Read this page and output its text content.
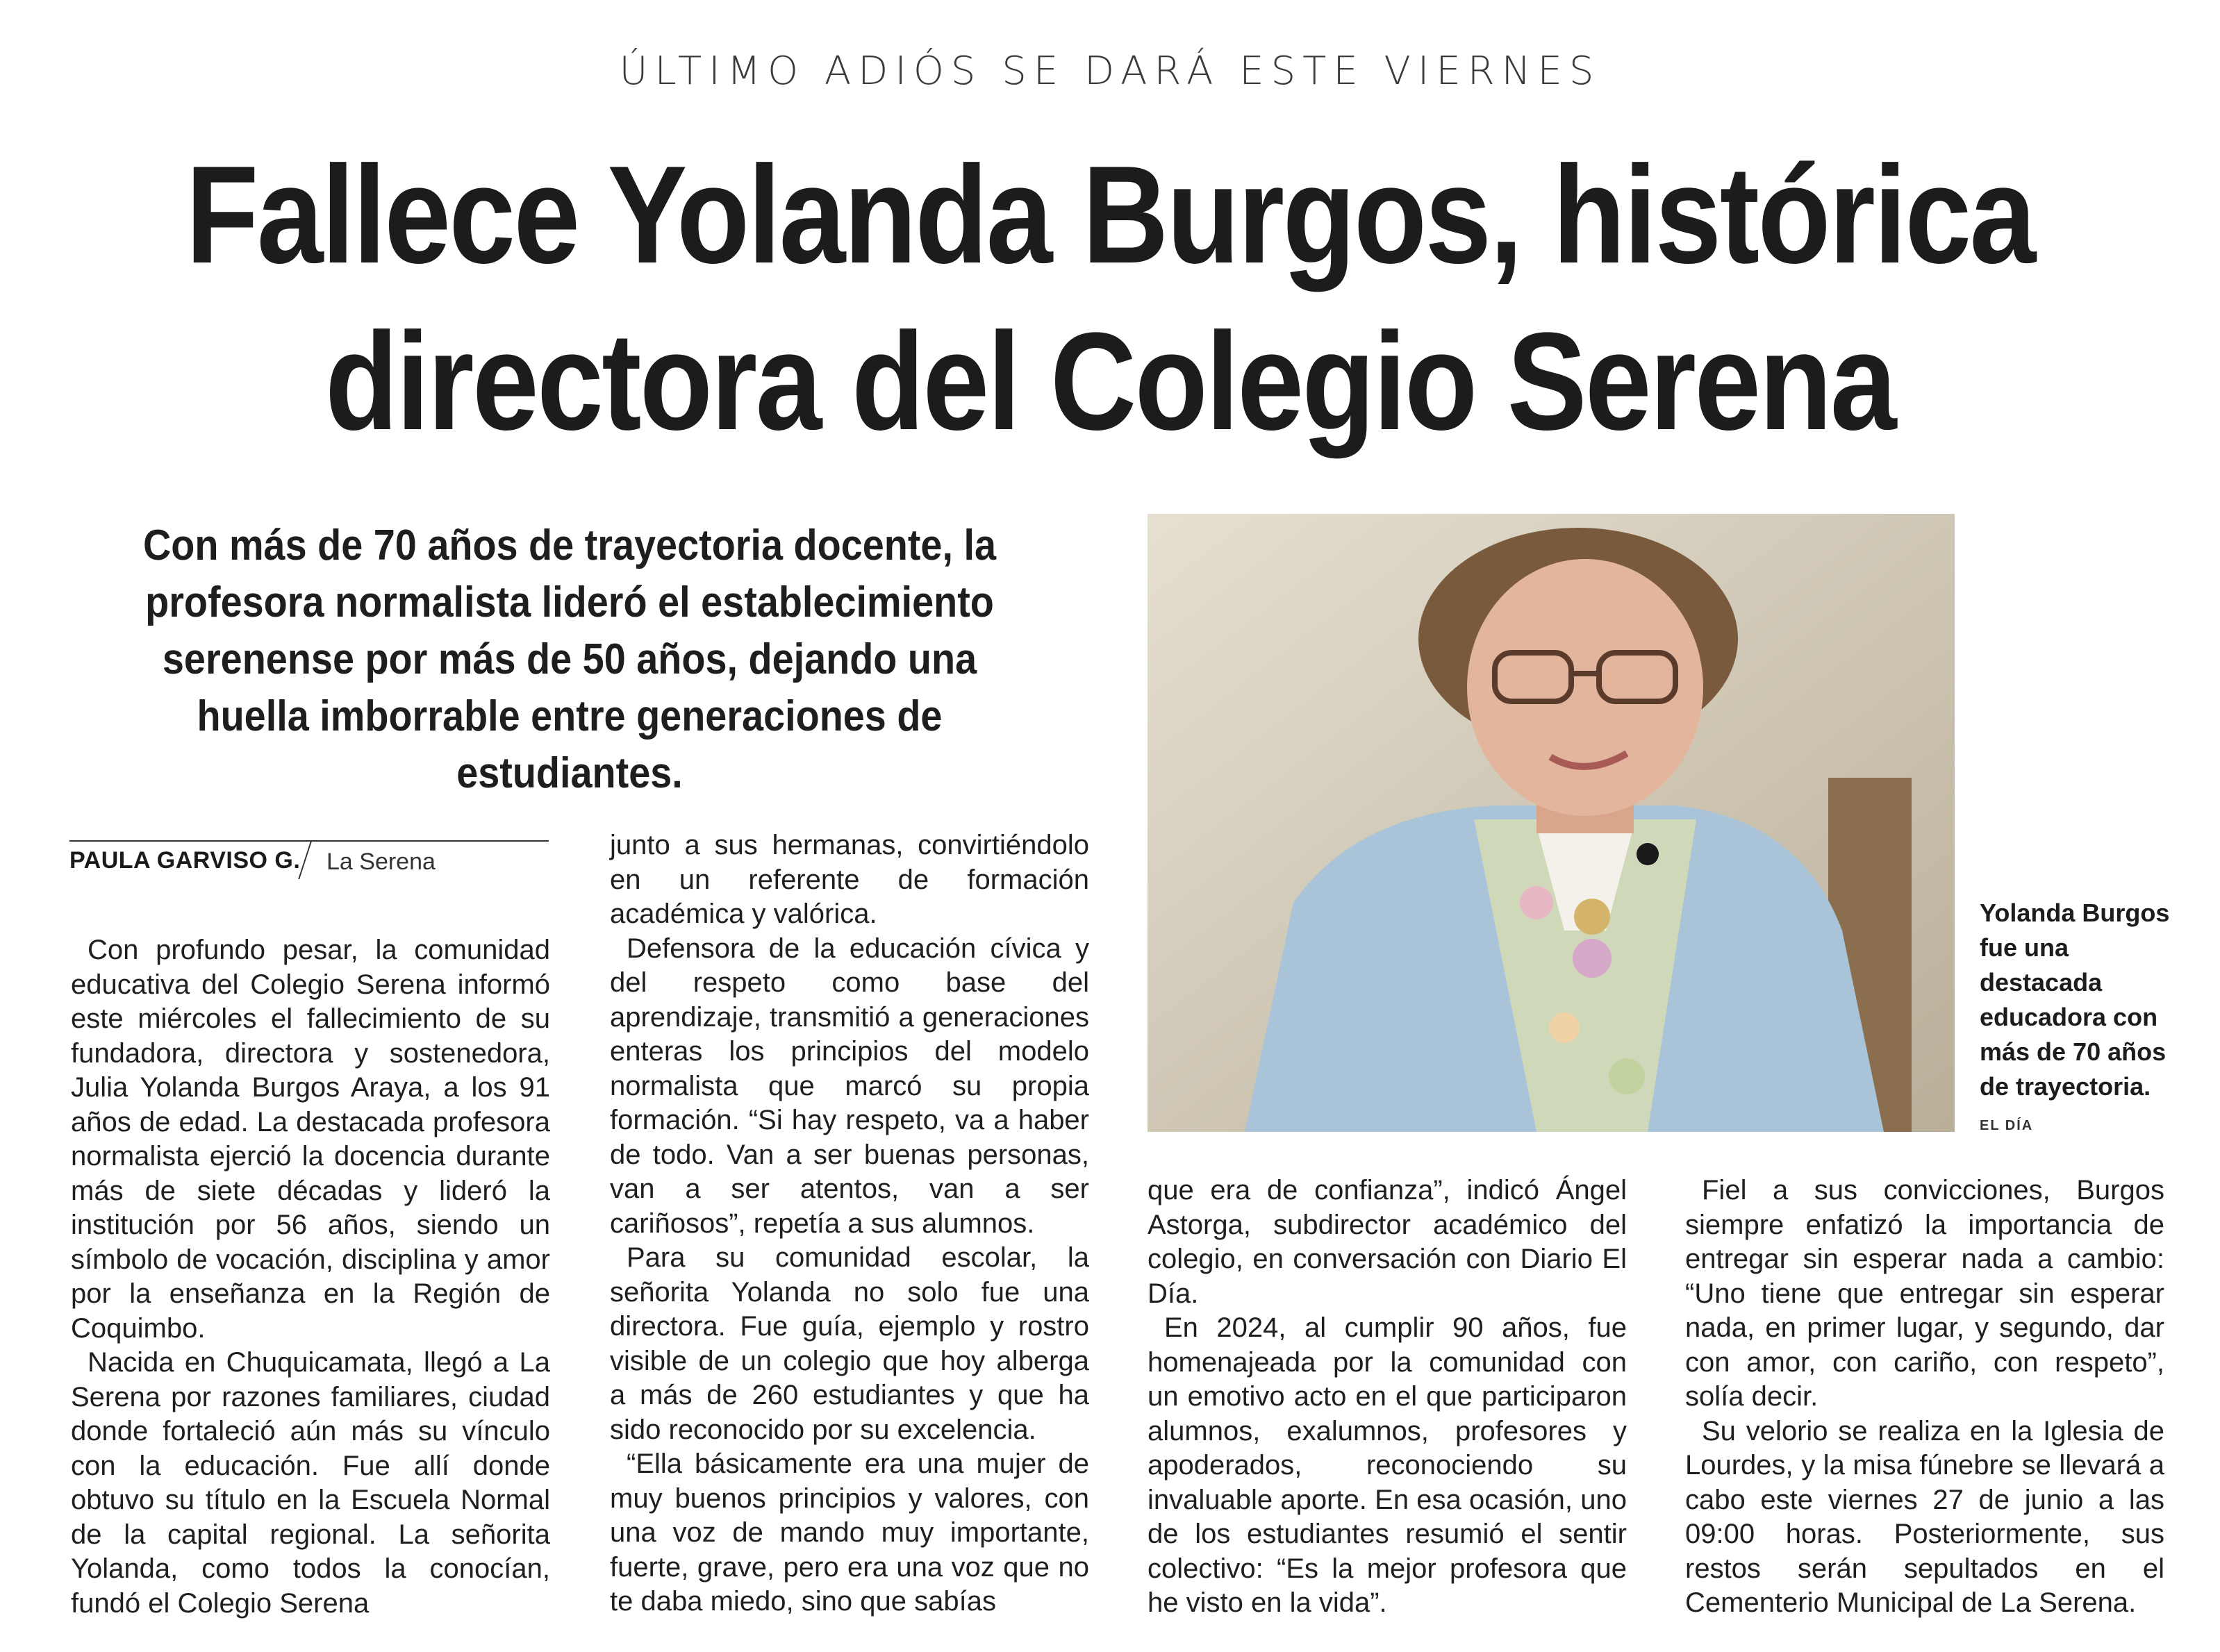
ÚLTIMO ADIÓS SE DARÁ ESTE VIERNES
Fallece Yolanda Burgos, histórica
directora del Colegio Serena
Con más de 70 años de trayectoria docente, la profesora normalista lideró el establecimiento serenense por más de 50 años, dejando una huella imborrable entre generaciones de estudiantes.
PAULA GARVISO G. La Serena

Con profundo pesar, la comunidad educativa del Colegio Serena informó este miércoles el fallecimiento de su fundadora, directora y sostenedora, Julia Yolanda Burgos Araya, a los 91 años de edad. La destacada profesora normalista ejerció la docencia durante más de siete décadas y lideró la institución por 56 años, siendo un símbolo de vocación, disciplina y amor por la enseñanza en la Región de Coquimbo.

Nacida en Chuquicamata, llegó a La Serena por razones familiares, ciudad donde fortaleció aún más su vínculo con la educación. Fue allí donde obtuvo su título en la Escuela Normal de la capital regional. La señorita Yolanda, como todos la conocían, fundó el Colegio Serena

junto a sus hermanas, convirtiéndolo en un referente de formación académica y valórica.

Defensora de la educación cívica y del respeto como base del aprendizaje, transmitió a generaciones enteras los principios del modelo normalista que marcó su propia formación. “Si hay respeto, va a haber de todo. Van a ser buenas personas, van a ser atentos, van a ser cariñosos”, repetía a sus alumnos.

Para su comunidad escolar, la señorita Yolanda no solo fue una directora. Fue guía, ejemplo y rostro visible de un colegio que hoy alberga a más de 260 estudiantes y que ha sido reconocido por su excelencia.

“Ella básicamente era una mujer de muy buenos principios y valores, con una voz de mando muy importante, fuerte, grave, pero era una voz que no te daba miedo, sino que sabías

Yolanda Burgos fue una destacada educadora con más de 70 años de trayectoria.
EL DÍA

que era de confianza”, indicó Ángel Astorga, subdirector académico del colegio, en conversación con Diario El Día.

En 2024, al cumplir 90 años, fue homenajeada por la comunidad con un emotivo acto en el que participaron alumnos, exalumnos, profesores y apoderados, reconociendo su invaluable aporte. En esa ocasión, uno de los estudiantes resumió el sentir colectivo: “Es la mejor profesora que he visto en la vida”.

Fiel a sus convicciones, Burgos siempre enfatizó la importancia de entregar sin esperar nada a cambio: “Uno tiene que entregar sin esperar nada, en primer lugar, y segundo, dar con amor, con cariño, con respeto”, solía decir.

Su velorio se realiza en la Iglesia de Lourdes, y la misa fúnebre se llevará a cabo este viernes 27 de junio a las 09:00 horas. Posteriormente, sus restos serán sepultados en el Cementerio Municipal de La Serena.
